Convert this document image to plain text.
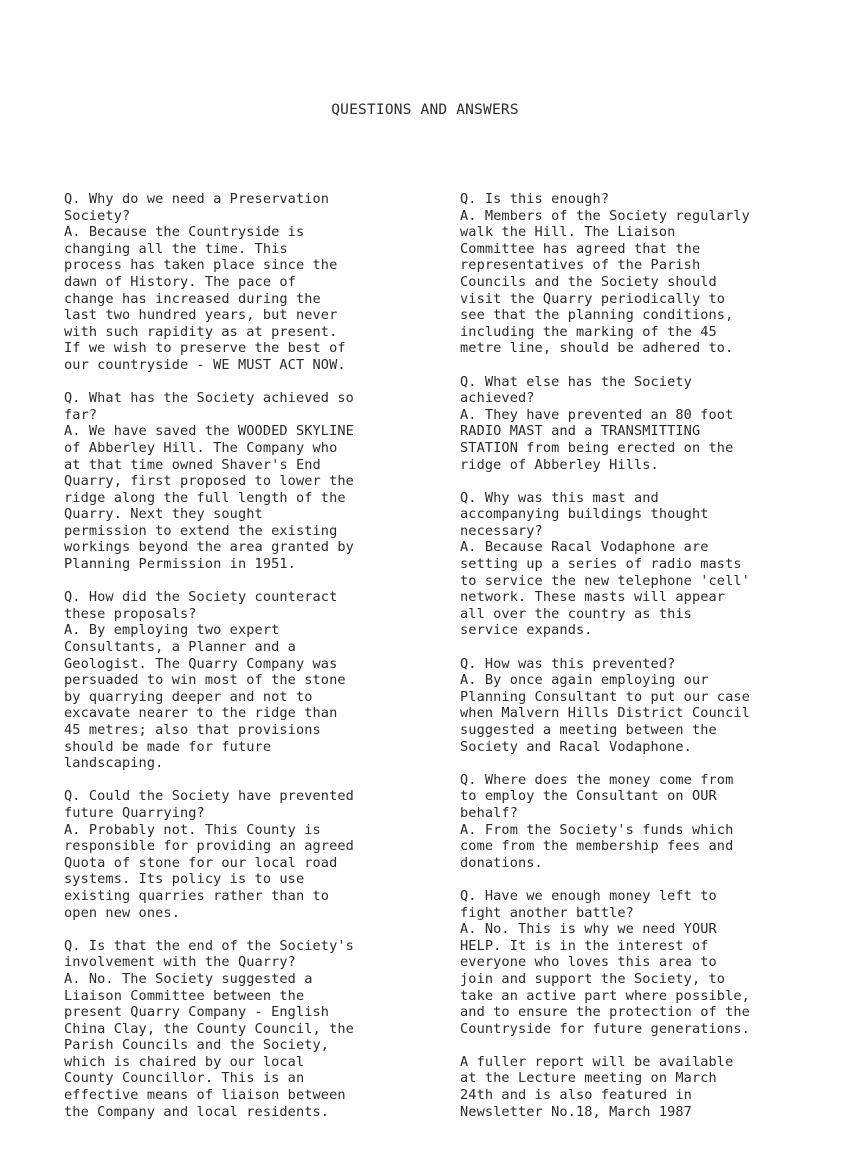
QUESTIONS AND ANSWERS

Q. Why do we need a Preservation
Society?
A. Because the Countryside is
changing all the time. This
process has taken place since the
dawn of History. The pace of
change has increased during the
last two hundred years, but never
with such rapidity as at present.
If we wish to preserve the best of
our countryside - WE MUST ACT NOW.

Q. What has the Society achieved so
far?
A. We have saved the WOODED SKYLINE
of Abberley Hill. The Company who
at that time owned Shaver's End
Quarry, first proposed to lower the
ridge along the full length of the
Quarry. Next they sought
permission to extend the existing
workings beyond the area granted by
Planning Permission in 1951.

Q. How did the Society counteract
these proposals?
A. By employing two expert
Consultants, a Planner and a
Geologist. The Quarry Company was
persuaded to win most of the stone
by quarrying deeper and not to
excavate nearer to the ridge than
45 metres; also that provisions
should be made for future
landscaping.

Q. Could the Society have prevented
future Quarrying?
A. Probably not. This County is
responsible for providing an agreed
Quota of stone for our local road
systems. Its policy is to use
existing quarries rather than to
open new ones.

Q. Is that the end of the Society's
involvement with the Quarry?
A. No. The Society suggested a
Liaison Committee between the
present Quarry Company - English
China Clay, the County Council, the
Parish Councils and the Society,
which is chaired by our local
County Councillor. This is an
effective means of liaison between
the Company and local residents.

Q. Is this enough?
A. Members of the Society regularly
walk the Hill. The Liaison
Committee has agreed that the
representatives of the Parish
Councils and the Society should
visit the Quarry periodically to
see that the planning conditions,
including the marking of the 45
metre line, should be adhered to.

Q. What else has the Society
achieved?
A. They have prevented an 80 foot
RADIO MAST and a TRANSMITTING
STATION from being erected on the
ridge of Abberley Hills.

Q. Why was this mast and
accompanying buildings thought
necessary?
A. Because Racal Vodaphone are
setting up a series of radio masts
to service the new telephone 'cell'
network. These masts will appear
all over the country as this
service expands.

Q. How was this prevented?
A. By once again employing our
Planning Consultant to put our case
when Malvern Hills District Council
suggested a meeting between the
Society and Racal Vodaphone.

Q. Where does the money come from
to employ the Consultant on OUR
behalf?
A. From the Society's funds which
come from the membership fees and
donations.

Q. Have we enough money left to
fight another battle?
A. No. This is why we need YOUR
HELP. It is in the interest of
everyone who loves this area to
join and support the Society, to
take an active part where possible,
and to ensure the protection of the
Countryside for future generations.

A fuller report will be available
at the Lecture meeting on March
24th and is also featured in
Newsletter No.18, March 1987
